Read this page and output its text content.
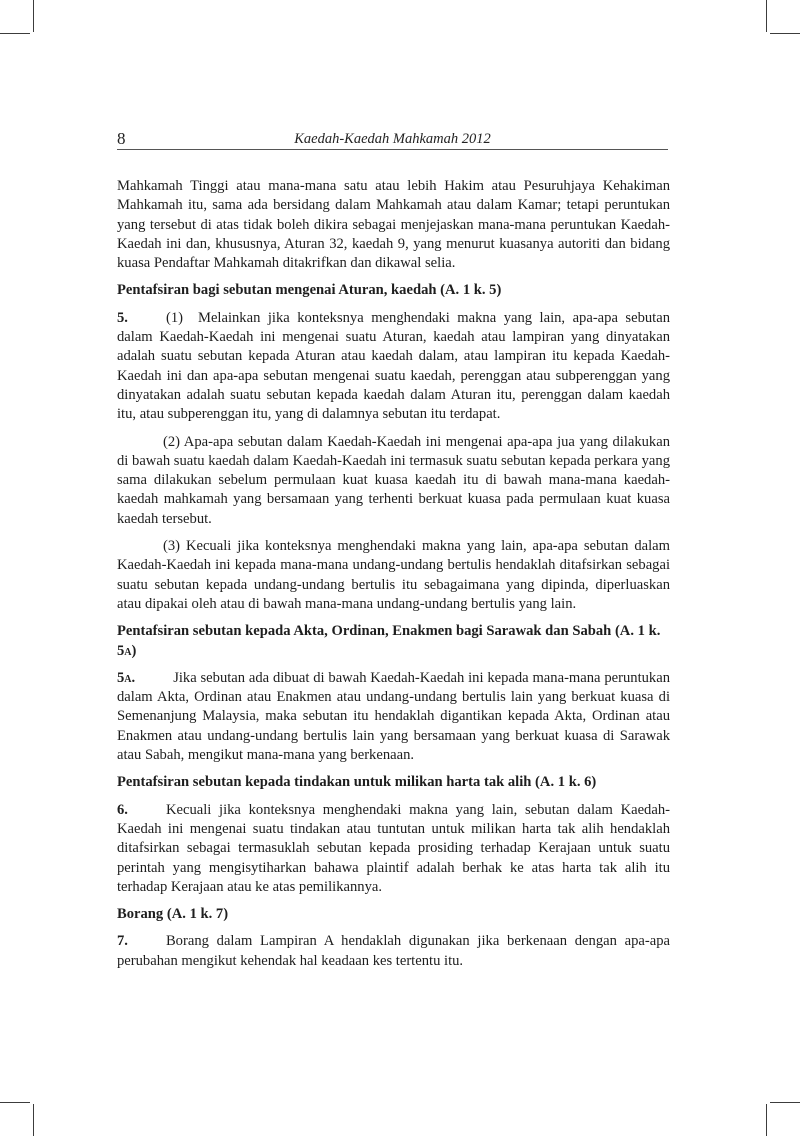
8	Kaedah-Kaedah Mahkamah 2012

Mahkamah Tinggi atau mana-mana satu atau lebih Hakim atau Pesuruhjaya Kehakiman Mahkamah itu, sama ada bersidang dalam Mahkamah atau dalam Kamar; tetapi peruntukan yang tersebut di atas tidak boleh dikira sebagai menjejaskan mana-mana peruntukan Kaedah-Kaedah ini dan, khususnya, Aturan 32, kaedah 9, yang menurut kuasanya autoriti dan bidang kuasa Pendaftar Mahkamah ditakrifkan dan dikawal selia.

Pentafsiran bagi sebutan mengenai Aturan, kaedah (A. 1 k. 5)

5.	(1) Melainkan jika konteksnya menghendaki makna yang lain, apa-apa sebutan dalam Kaedah-Kaedah ini mengenai suatu Aturan, kaedah atau lampiran yang dinyatakan adalah suatu sebutan kepada Aturan atau kaedah dalam, atau lampiran itu kepada Kaedah-Kaedah ini dan apa-apa sebutan mengenai suatu kaedah, perenggan atau subperenggan yang dinyatakan adalah suatu sebutan kepada kaedah dalam Aturan itu, perenggan dalam kaedah itu, atau subperenggan itu, yang di dalamnya sebutan itu terdapat.

(2) Apa-apa sebutan dalam Kaedah-Kaedah ini mengenai apa-apa jua yang dilakukan di bawah suatu kaedah dalam Kaedah-Kaedah ini termasuk suatu sebutan kepada perkara yang sama dilakukan sebelum permulaan kuat kuasa kaedah itu di bawah mana-mana kaedah-kaedah mahkamah yang bersamaan yang terhenti berkuat kuasa pada permulaan kuat kuasa kaedah tersebut.

(3) Kecuali jika konteksnya menghendaki makna yang lain, apa-apa sebutan dalam Kaedah-Kaedah ini kepada mana-mana undang-undang bertulis hendaklah ditafsirkan sebagai suatu sebutan kepada undang-undang bertulis itu sebagaimana yang dipinda, diperluaskan atau dipakai oleh atau di bawah mana-mana undang-undang bertulis yang lain.

Pentafsiran sebutan kepada Akta, Ordinan, Enakmen bagi Sarawak dan Sabah (A. 1 k. 5a)

5a.	Jika sebutan ada dibuat di bawah Kaedah-Kaedah ini kepada mana-mana peruntukan dalam Akta, Ordinan atau Enakmen atau undang-undang bertulis lain yang berkuat kuasa di Semenanjung Malaysia, maka sebutan itu hendaklah digantikan kepada Akta, Ordinan atau Enakmen atau undang-undang bertulis lain yang bersamaan yang berkuat kuasa di Sarawak atau Sabah, mengikut mana-mana yang berkenaan.

Pentafsiran sebutan kepada tindakan untuk milikan harta tak alih (A. 1 k. 6)

6.	Kecuali jika konteksnya menghendaki makna yang lain, sebutan dalam Kaedah-Kaedah ini mengenai suatu tindakan atau tuntutan untuk milikan harta tak alih hendaklah ditafsirkan sebagai termasuklah sebutan kepada prosiding terhadap Kerajaan untuk suatu perintah yang mengisytiharkan bahawa plaintif adalah berhak ke atas harta tak alih itu terhadap Kerajaan atau ke atas pemilikannya.

Borang (A. 1 k. 7)

7.	Borang dalam Lampiran A hendaklah digunakan jika berkenaan dengan apa-apa perubahan mengikut kehendak hal keadaan kes tertentu itu.
